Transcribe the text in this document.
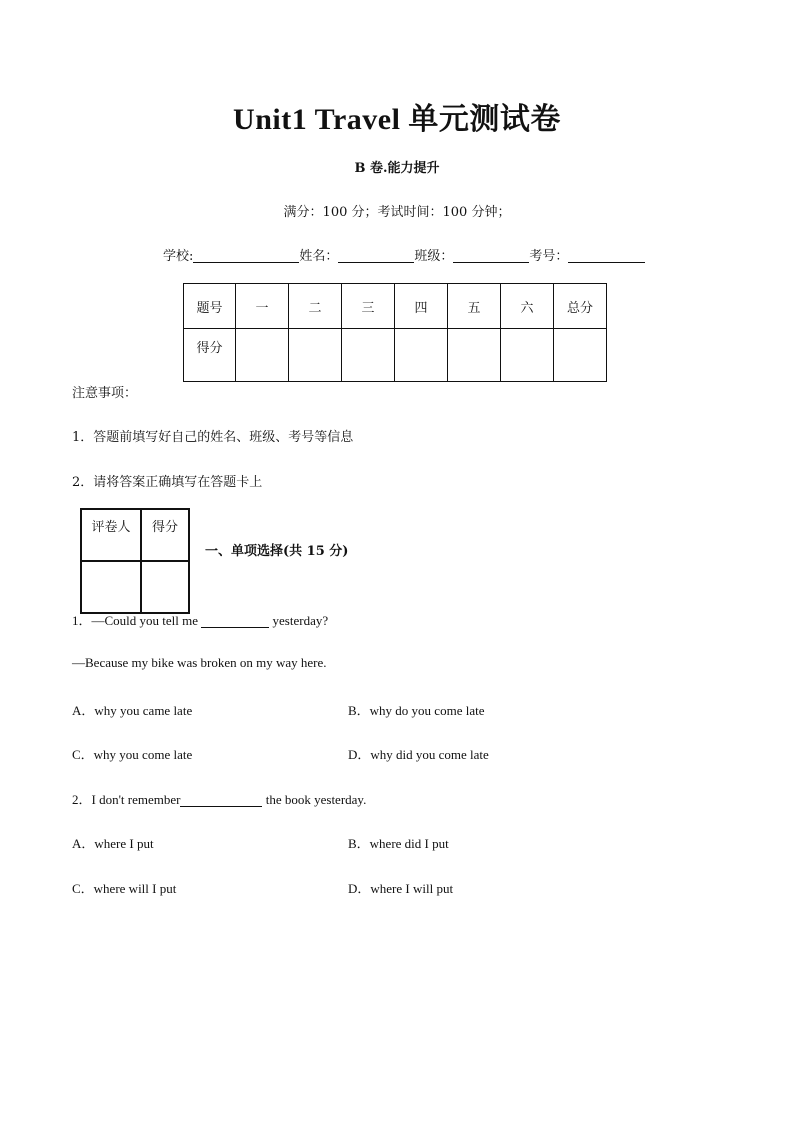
Unit1 Travel 单元测试卷
B 卷.能力提升
满分：100 分；考试时间：100 分钟；
学校:	姓名：	班级：	考号：
题号	一	二	三	四	五	六	总分
得分							
注意事项：
1．答题前填写好自己的姓名、班级、考号等信息
2．请将答案正确填写在答题卡上
评卷人	得分

一、单项选择(共 15 分)
1．—Could you tell me	yesterday?
—Because my bike was broken on my way here.
A．why you came late	B．why do you come late
C．why you come late	D．why did you come late
2．I don't remember	the book yesterday.
A．where I put	B．where did I put
C．where will I put	D．where I will put
